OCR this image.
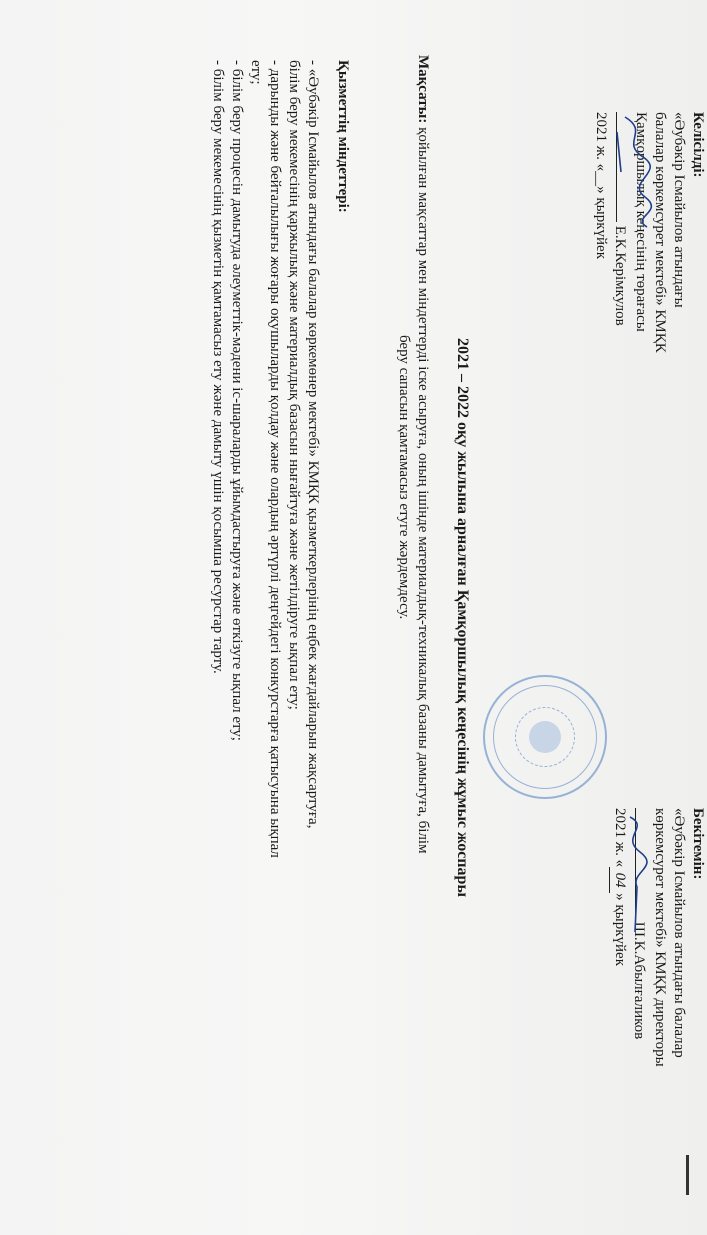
Келісілді:
«Әубәкір Ісмайылов атындағы
балалар көркемсурет мектебі» КМҚК
Қамқоршылық кеңесінің төрағасы
Е.К.Керімкулов
2021 ж. «__» қыркүйек
Бекітемін:
«Әубәкір Ісмайылов атындағы балалар
көркемсурет мектебі» КМҚК директоры
Ш.К.Абылғаликов
2021 ж. «04» қыркүйек
2021 – 2022 оқу жылына арналған Қамқоршылық кеңесінің жұмыс жоспары
Мақсаты: қойылған мақсаттар мен міндеттерді іске асыруға, оның ішінде материалдық-техникалық базаны дамытуға, білім
беру сапасын қамтамасыз етуге жәрдемдесу.
Қызметтің міндеттері:
- «Әубәкір Ісмайылов атындағы балалар көркемөнер мектебі» КМҚК қызметкерлерінің еңбек жағдайларын жақсартуға,
білім беру мекемесінің қаржылық және материалдық базасын нығайтуға және жетілдіруге ықпал ету;
- дарынды және бейталылығы жоғары оқушыларды қолдау және олардың әртүрлі деңгейдегі конкурстарға қатысуына ықпал
ету;
- білім беру процесін дамытуда әлеуметтік-мәдени іс-шараларды ұйымдастыруға және өткізуге ықпал ету;
- білім беру мекемесінің қызметін қамтамасыз ету және дамыту үшін қосымша ресурстар тарту.
